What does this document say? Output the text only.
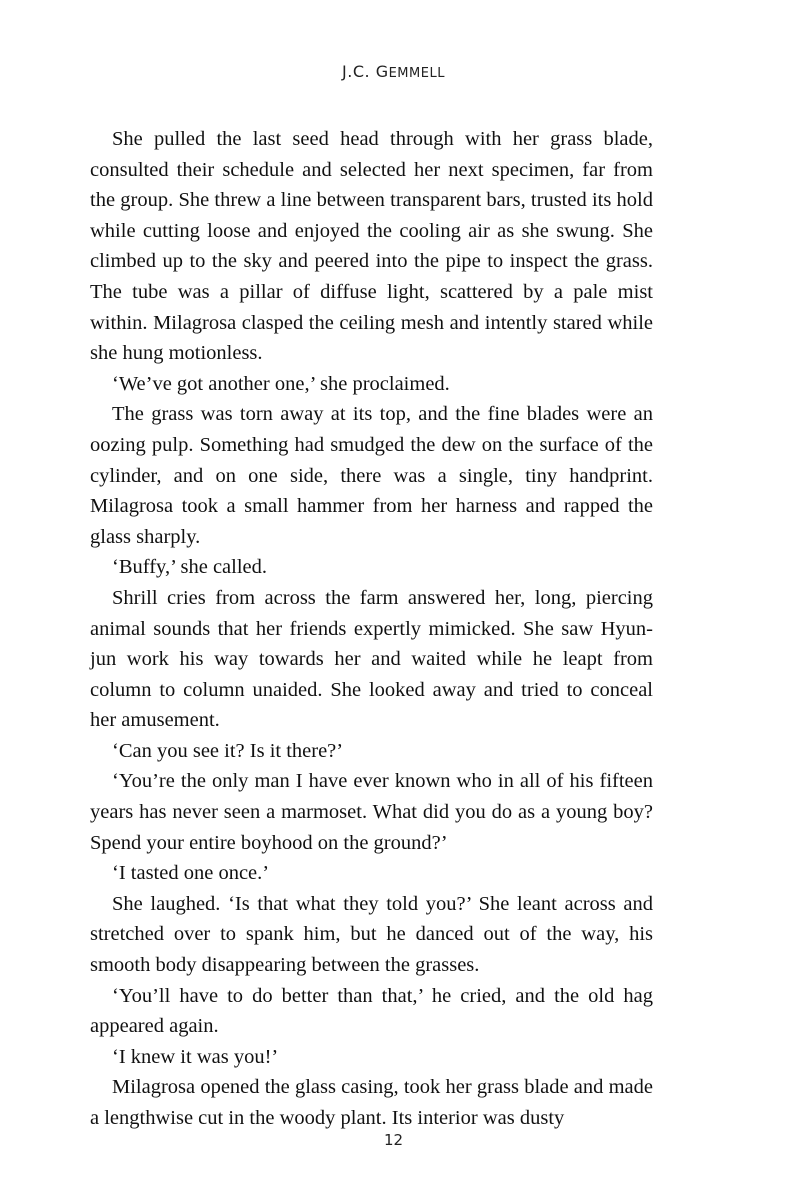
J.C. GEMMELL

She pulled the last seed head through with her grass blade, consulted their schedule and selected her next specimen, far from the group. She threw a line between transparent bars, trusted its hold while cutting loose and enjoyed the cooling air as she swung. She climbed up to the sky and peered into the pipe to inspect the grass. The tube was a pillar of diffuse light, scattered by a pale mist within. Milagrosa clasped the ceiling mesh and intently stared while she hung motionless.

‘We’ve got another one,’ she proclaimed.

The grass was torn away at its top, and the fine blades were an oozing pulp. Something had smudged the dew on the surface of the cylinder, and on one side, there was a single, tiny handprint. Milagrosa took a small hammer from her harness and rapped the glass sharply.

‘Buffy,’ she called.

Shrill cries from across the farm answered her, long, piercing animal sounds that her friends expertly mimicked. She saw Hyun-jun work his way towards her and waited while he leapt from column to column unaided. She looked away and tried to conceal her amusement.

‘Can you see it? Is it there?’

‘You’re the only man I have ever known who in all of his fifteen years has never seen a marmoset. What did you do as a young boy? Spend your entire boyhood on the ground?’

‘I tasted one once.’

She laughed. ‘Is that what they told you?’ She leant across and stretched over to spank him, but he danced out of the way, his smooth body disappearing between the grasses.

‘You’ll have to do better than that,’ he cried, and the old hag appeared again.

‘I knew it was you!’

Milagrosa opened the glass casing, took her grass blade and made a lengthwise cut in the woody plant. Its interior was dusty

12
